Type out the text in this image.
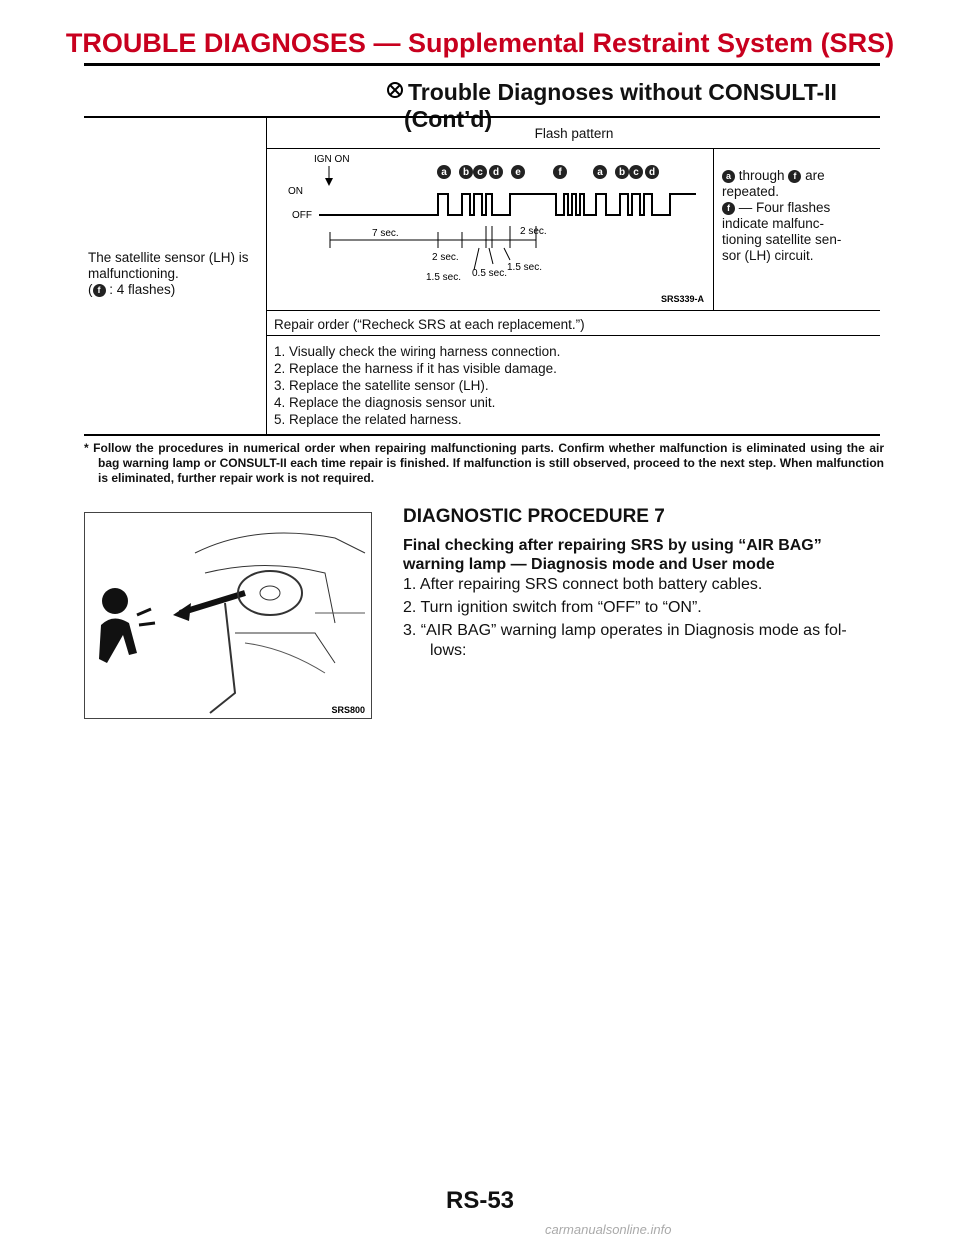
TROUBLE DIAGNOSES — Supplemental Restraint System (SRS)
Trouble Diagnoses without CONSULT-II
(Cont’d)
The satellite sensor (LH) is
malfunctioning.
( f : 4 flashes)
Flash pattern
IGN ON
ON
OFF
a b c d e	f	a b c d
7 sec.
2 sec.
1.5 sec. 0.5 sec.
1.5 sec.
2 sec.
SRS339-A
a through f are
repeated.
f — Four flashes
indicate malfunc-
tioning satellite sen-
sor (LH) circuit.
Repair order (“Recheck SRS at each replacement.”)
1. Visually check the wiring harness connection.
2. Replace the harness if it has visible damage.
3. Replace the satellite sensor (LH).
4. Replace the diagnosis sensor unit.
5. Replace the related harness.
* Follow the procedures in numerical order when repairing malfunctioning parts. Confirm whether malfunction is eliminated using the air bag warning lamp or CONSULT-II each time repair is finished. If malfunction is still observed, proceed to the next step. When malfunction is eliminated, further repair work is not required.
SRS800
DIAGNOSTIC PROCEDURE 7
Final checking after repairing SRS by using “AIR BAG” warning lamp — Diagnosis mode and User mode
1. After repairing SRS connect both battery cables.
2. Turn ignition switch from “OFF” to “ON”.
3. “AIR BAG” warning lamp operates in Diagnosis mode as fol-
lows:
RS-53
carmanualsonline.info
